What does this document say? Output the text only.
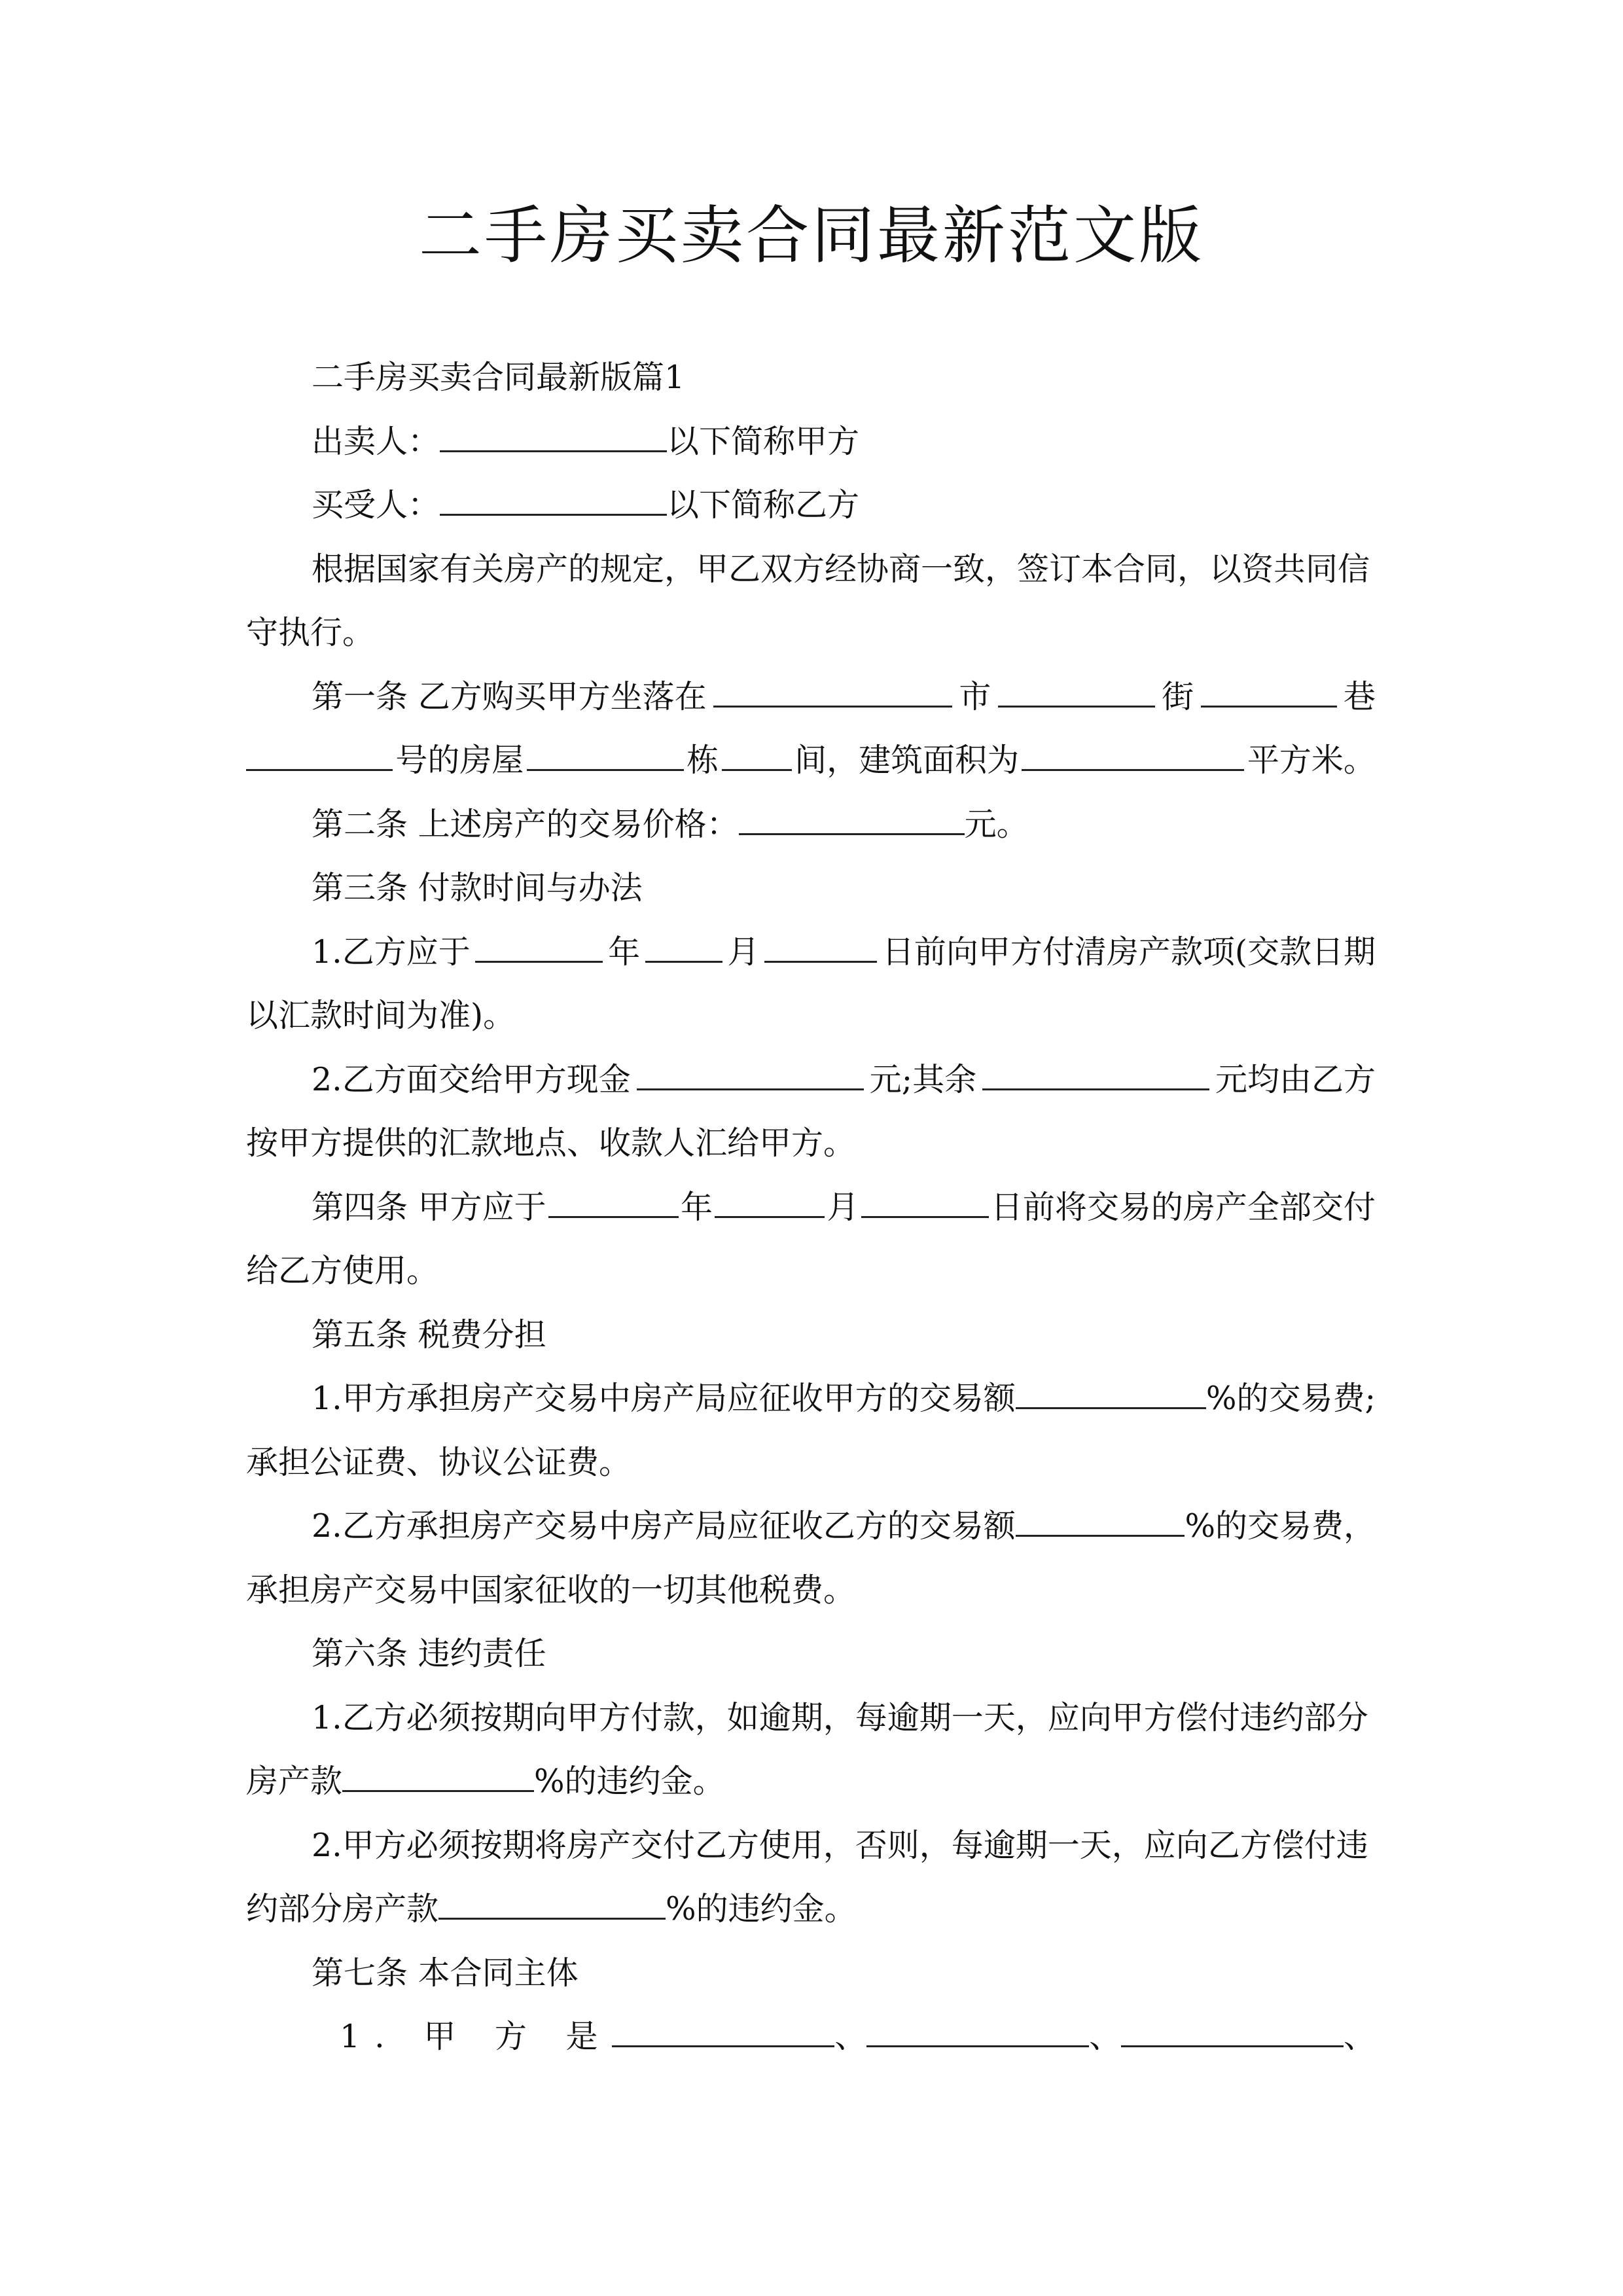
二手房买卖合同最新范文版
二手房买卖合同最新版篇1
出卖人：	以下简称甲方
买受人：	以下简称乙方
根据国家有关房产的规定，甲乙双方经协商一致，签订本合同，以资共同信
守执行。
第一条 乙方购买甲方坐落在	市	街	巷
号的房屋	栋 间，建筑面积为	平方米。
第二条 上述房产的交易价格：	元。
第三条 付款时间与办法
1.乙方应于	年	月	日前向甲方付清房产款项(交款日期
以汇款时间为准)。
2.乙方面交给甲方现金	元;其余	元均由乙方
按甲方提供的汇款地点、收款人汇给甲方。
第四条 甲方应于	年	月	日前将交易的房产全部交付
给乙方使用。
第五条 税费分担
1.甲方承担房产交易中房产局应征收甲方的交易额	%的交易费;
承担公证费、协议公证费。
2.乙方承担房产交易中房产局应征收乙方的交易额	%的交易费，
承担房产交易中国家征收的一切其他税费。
第六条 违约责任
1.乙方必须按期向甲方付款，如逾期，每逾期一天，应向甲方偿付违约部分
房产款	%的违约金。
2.甲方必须按期将房产交付乙方使用，否则，每逾期一天，应向乙方偿付违
约部分房产款	%的违约金。
第七条 本合同主体
1. 甲 方 是	、	、	、
